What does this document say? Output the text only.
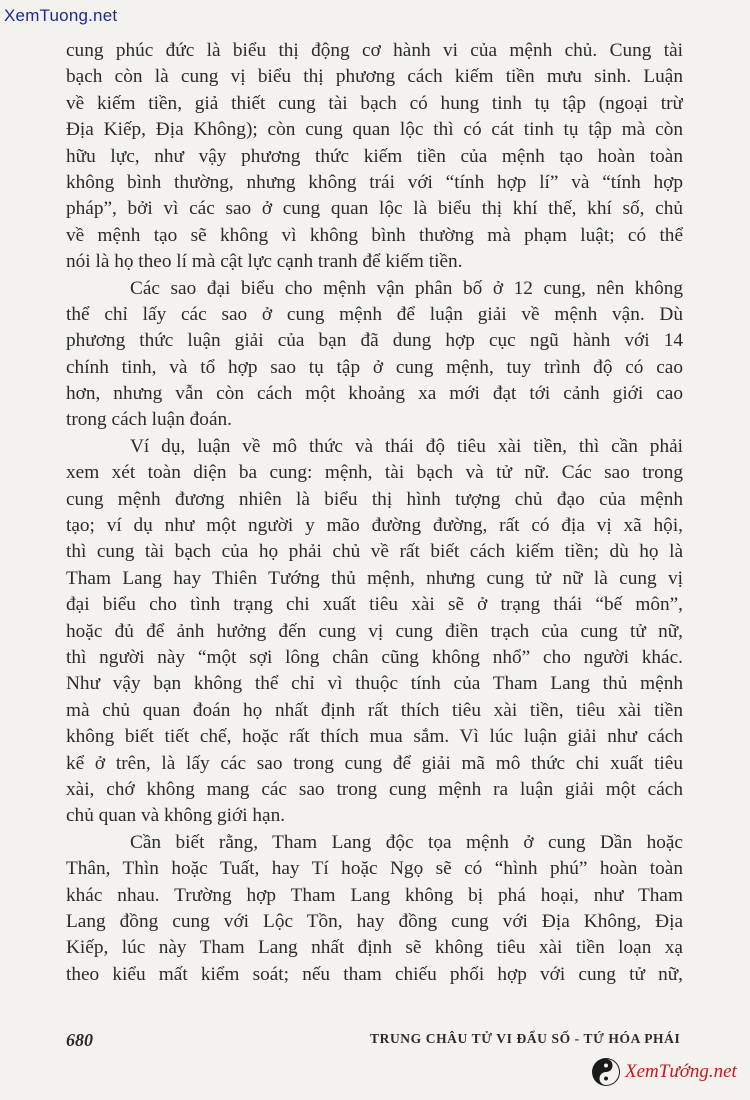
XemTuong.net
cung phúc đức là biểu thị động cơ hành vi của mệnh chủ. Cung tài
bạch còn là cung vị biểu thị phương cách kiếm tiền mưu sinh. Luận
về kiếm tiền, giả thiết cung tài bạch có hung tinh tụ tập (ngoại trừ
Địa Kiếp, Địa Không); còn cung quan lộc thì có cát tinh tụ tập mà còn
hữu lực, như vậy phương thức kiếm tiền của mệnh tạo hoàn toàn
không bình thường, nhưng không trái với “tính hợp lí” và “tính hợp
pháp”, bởi vì các sao ở cung quan lộc là biểu thị khí thế, khí số, chủ
về mệnh tạo sẽ không vì không bình thường mà phạm luật; có thể
nói là họ theo lí mà cật lực cạnh tranh để kiếm tiền.
Các sao đại biểu cho mệnh vận phân bố ở 12 cung, nên không
thể chỉ lấy các sao ở cung mệnh để luận giải về mệnh vận. Dù
phương thức luận giải của bạn đã dung hợp cục ngũ hành với 14
chính tinh, và tổ hợp sao tụ tập ở cung mệnh, tuy trình độ có cao
hơn, nhưng vẫn còn cách một khoảng xa mới đạt tới cảnh giới cao
trong cách luận đoán.
Ví dụ, luận về mô thức và thái độ tiêu xài tiền, thì cần phải
xem xét toàn diện ba cung: mệnh, tài bạch và tử nữ. Các sao trong
cung mệnh đương nhiên là biểu thị hình tượng chủ đạo của mệnh
tạo; ví dụ như một người y mão đường đường, rất có địa vị xã hội,
thì cung tài bạch của họ phải chủ về rất biết cách kiếm tiền; dù họ là
Tham Lang hay Thiên Tướng thủ mệnh, nhưng cung tử nữ là cung vị
đại biểu cho tình trạng chi xuất tiêu xài sẽ ở trạng thái “bế môn”,
hoặc đủ để ảnh hưởng đến cung vị cung điền trạch của cung tử nữ,
thì người này “một sợi lông chân cũng không nhổ” cho người khác.
Như vậy bạn không thể chỉ vì thuộc tính của Tham Lang thủ mệnh
mà chủ quan đoán họ nhất định rất thích tiêu xài tiền, tiêu xài tiền
không biết tiết chế, hoặc rất thích mua sắm. Vì lúc luận giải như cách
kể ở trên, là lấy các sao trong cung để giải mã mô thức chi xuất tiêu
xài, chớ không mang các sao trong cung mệnh ra luận giải một cách
chủ quan và không giới hạn.
Cần biết rằng, Tham Lang độc tọa mệnh ở cung Dần hoặc
Thân, Thìn hoặc Tuất, hay Tí hoặc Ngọ sẽ có “hình phú” hoàn toàn
khác nhau. Trường hợp Tham Lang không bị phá hoại, như Tham
Lang đồng cung với Lộc Tồn, hay đồng cung với Địa Không, Địa
Kiếp, lúc này Tham Lang nhất định sẽ không tiêu xài tiền loạn xạ
theo kiểu mất kiểm soát; nếu tham chiếu phối hợp với cung tử nữ,
680	TRUNG CHÂU TỬ VI ĐẨU SỐ - TỨ HÓA PHÁI
XemTướng.net
